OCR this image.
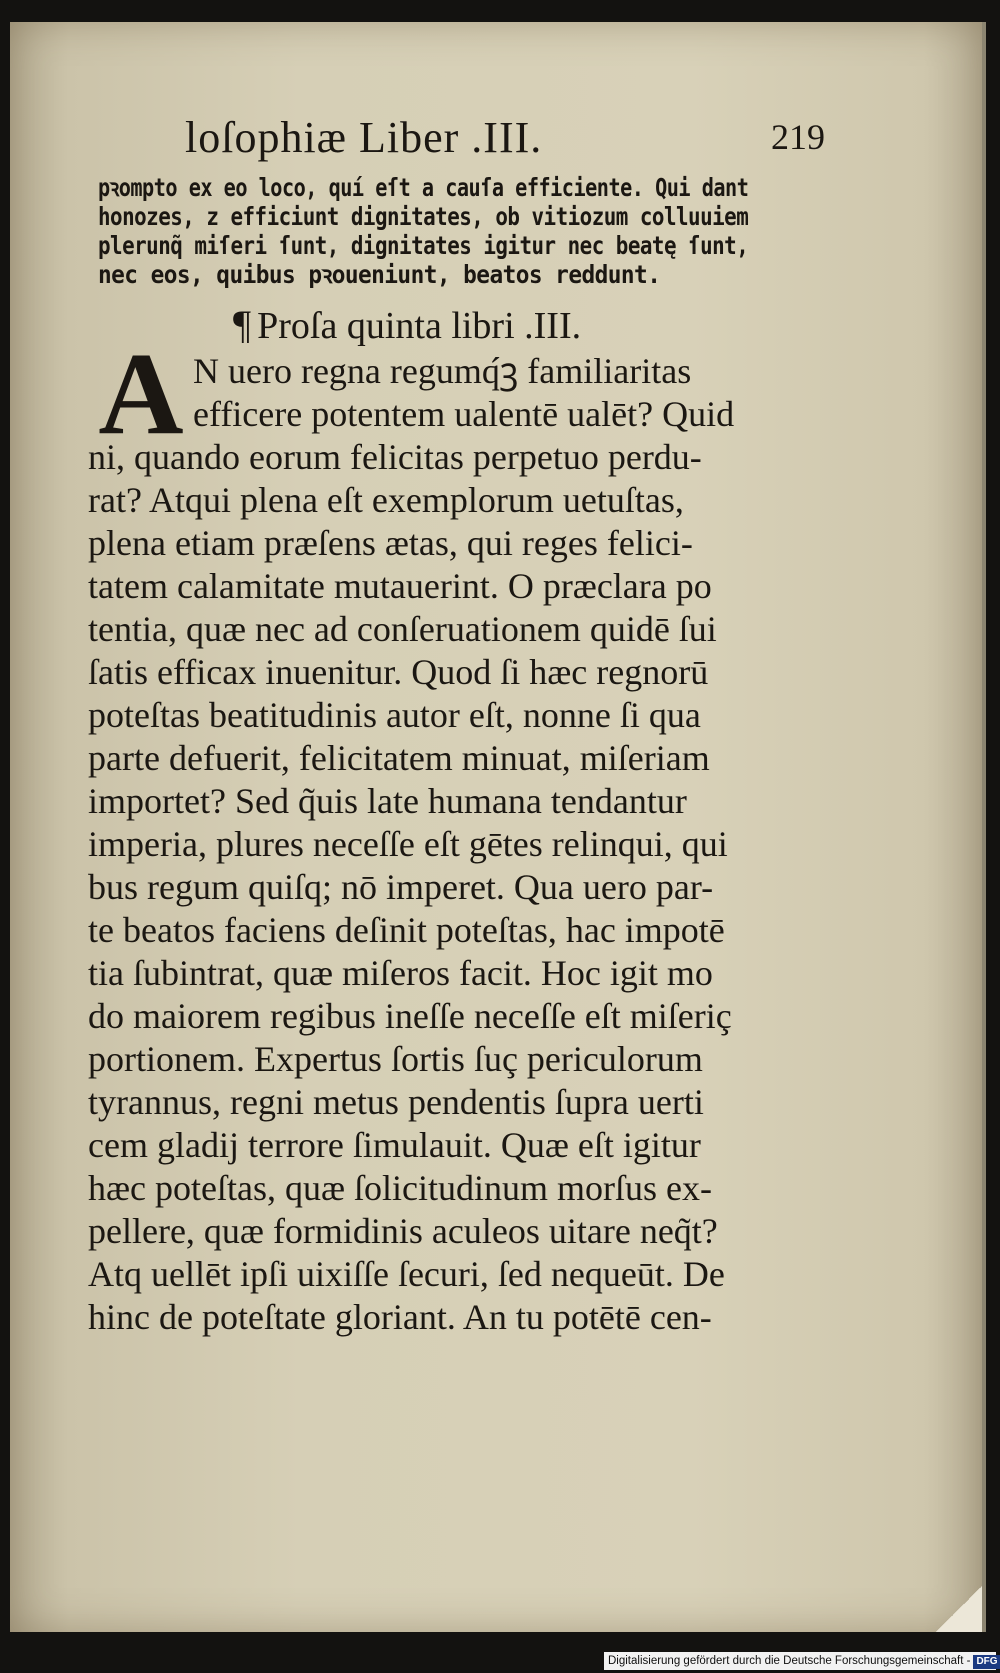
loſophiæ Liber .III.	219
pꝛompto ex eo loco, quí eſt a cauſa efficiente. Qui dant
honozes, z efficiunt dignitates, ob vitiozum colluuiem
plerunq̃ miſeri ſunt, dignitates igitur nec beatę ſunt,
nec eos, quibus pꝛoueniunt, beatos reddunt.
¶ Proſa quinta libri .III.
A N uero regna regumq́ꝫ familiaritas
efficere potentem ualentē ualēt? Quid
ni, quando eorum felicitas perpetuo perdu-
rat? Atqui plena eſt exemplorum uetuſtas,
plena etiam præſens ætas, qui reges felici-
tatem calamitate mutauerint. O præclara po
tentia, quæ nec ad conſeruationem quidē ſui
ſatis efficax inuenitur. Quod ſi hæc regnorū
poteſtas beatitudinis autor eſt, nonne ſi qua
parte defuerit, felicitatem minuat, miſeriam
importet? Sed q̃uis late humana tendantur
imperia, plures neceſſe eſt gētes relinqui, qui
bus regum quiſq; nō imperet. Qua uero par-
te beatos faciens deſinit poteſtas, hac impotē
tia ſubintrat, quæ miſeros facit. Hoc igit mo
do maiorem regibus ineſſe neceſſe eſt miſeriç
portionem. Expertus ſortis ſuç periculorum
tyrannus, regni metus pendentis ſupra uerti
cem gladij terrore ſimulauit. Quæ eſt igitur
hæc poteſtas, quæ ſolicitudinum morſus ex-
pellere, quæ formidinis aculeos uitare neq̃t?
Atq uellēt ipſi uixiſſe ſecuri, ſed nequeūt. De
hinc de poteſtate gloriant. An tu potētē cen-
Digitalisierung gefördert durch die Deutsche Forschungsgemeinschaft - DFG
